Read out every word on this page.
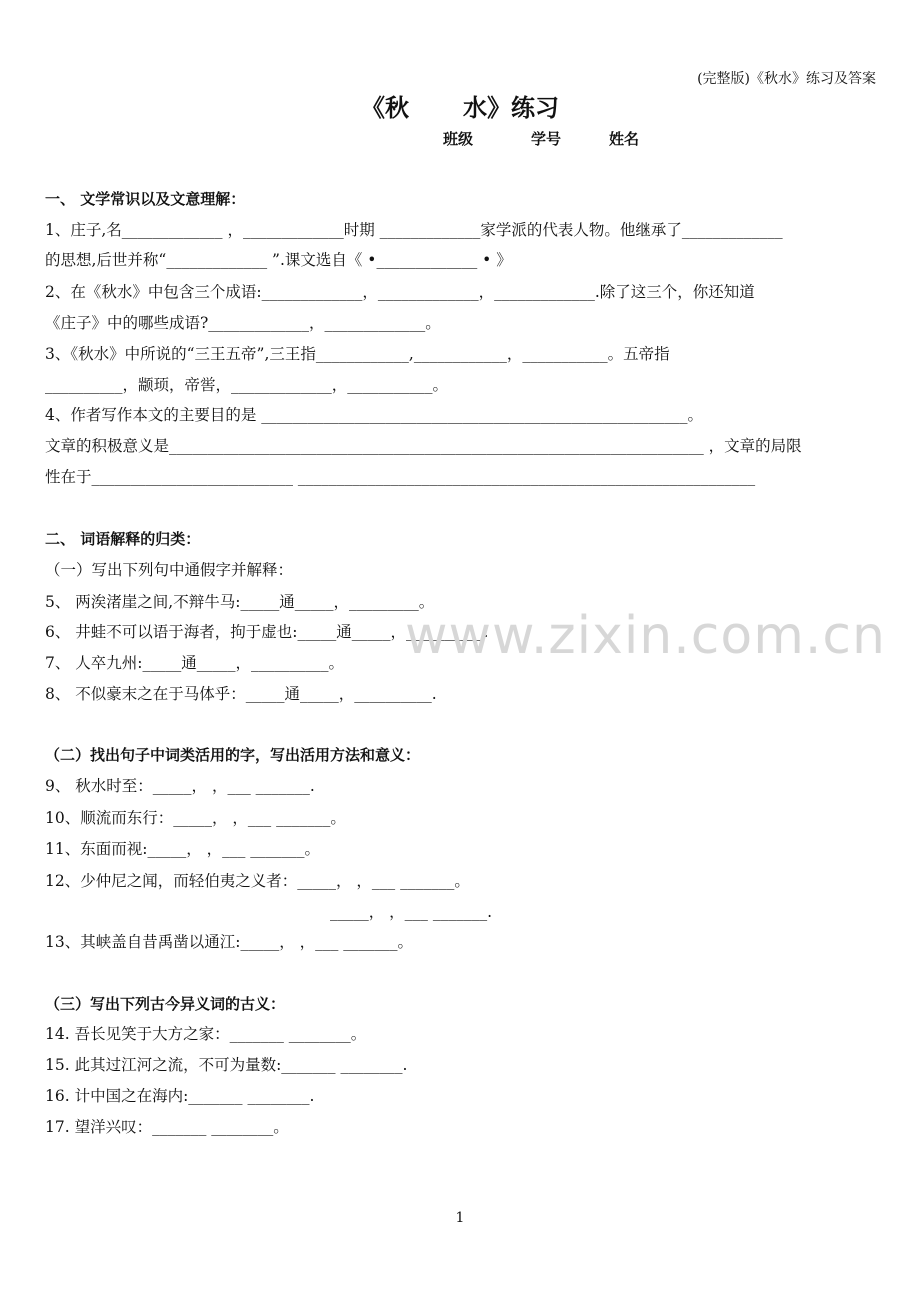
(完整版)《秋水》练习及答案
《秋 水》练习
班级	学号	姓名
一、 文学常识以及文意理解：
1、庄子,名_____________ ，_____________时期 _____________家学派的代表人物。他继承了_____________
的思想,后世并称“_____________ ”.课文选自《 •_____________ • 》
2、在《秋水》中包含三个成语:_____________，_____________，_____________.除了这三个，你还知道
《庄子》中的哪些成语?_____________，_____________。
3、《秋水》中所说的“三王五帝”,三王指____________,____________，___________。五帝指
__________，颛顼，帝喾，_____________，___________。
4、作者写作本文的主要目的是 _______________________________________________________。
文章的积极意义是_____________________________________________________________________ ，文章的局限
性在于__________________________ ___________________________________________________________
二、 词语解释的归类：
（一）写出下列句中通假字并解释：
5、 两涘渚崖之间,不辩牛马:_____通_____，_________。
6、 井蛙不可以语于海者，拘于虚也:_____通_____，__________.
7、 人卒九州:_____通_____，__________。
8、 不似豪末之在于马体乎：_____通_____，__________.
（二）找出句子中词类活用的字，写出活用方法和意义：
9、 秋水时至：_____， ，___ _______.
10、顺流而东行：_____， ，___ _______。
11、东面而视:_____， ，___ _______。
12、少仲尼之闻，而轻伯夷之义者：_____， ，___ _______。
_____， ，___ _______.
13、其峡盖自昔禹凿以通江:_____， ，___ _______。
（三）写出下列古今异义词的古义：
14. 吾长见笑于大方之家：_______ ________。
15. 此其过江河之流，不可为量数:_______ ________.
16. 计中国之在海内:_______ ________.
17. 望洋兴叹：_______ ________。
www.zixin.com.cn
1
